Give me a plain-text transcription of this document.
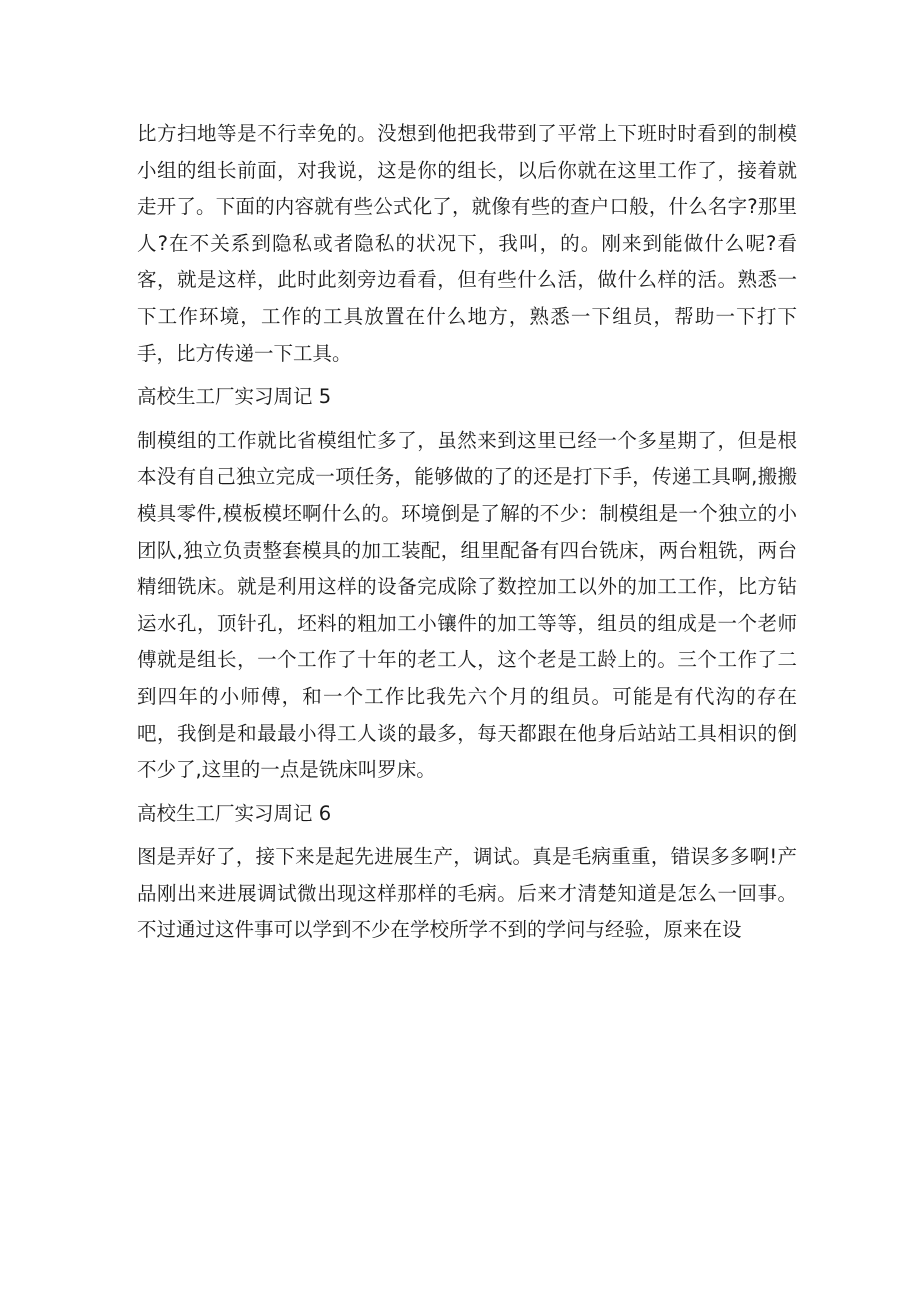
比方扫地等是不行幸免的。没想到他把我带到了平常上下班时时看到的制模小组的组长前面，对我说，这是你的组长，以后你就在这里工作了，接着就走开了。下面的内容就有些公式化了，就像有些的查户口般，什么名字?那里人?在不关系到隐私或者隐私的状况下，我叫，的。刚来到能做什么呢?看客，就是这样，此时此刻旁边看看，但有些什么活，做什么样的活。熟悉一下工作环境，工作的工具放置在什么地方，熟悉一下组员，帮助一下打下手，比方传递一下工具。

高校生工厂实习周记 5

制模组的工作就比省模组忙多了，虽然来到这里已经一个多星期了，但是根本没有自己独立完成一项任务，能够做的了的还是打下手，传递工具啊,搬搬模具零件,模板模坯啊什么的。环境倒是了解的不少：制模组是一个独立的小团队,独立负责整套模具的加工装配，组里配备有四台铣床，两台粗铣，两台精细铣床。就是利用这样的设备完成除了数控加工以外的加工工作，比方钻运水孔，顶针孔，坯料的粗加工小镶件的加工等等，组员的组成是一个老师傅就是组长，一个工作了十年的老工人，这个老是工龄上的。三个工作了二到四年的小师傅，和一个工作比我先六个月的组员。可能是有代沟的存在吧，我倒是和最最小得工人谈的最多，每天都跟在他身后站站工具相识的倒不少了,这里的一点是铣床叫罗床。

高校生工厂实习周记 6

图是弄好了，接下来是起先进展生产，调试。真是毛病重重，错误多多啊!产品刚出来进展调试微出现这样那样的毛病。后来才清楚知道是怎么一回事。不过通过这件事可以学到不少在学校所学不到的学问与经验，原来在设
